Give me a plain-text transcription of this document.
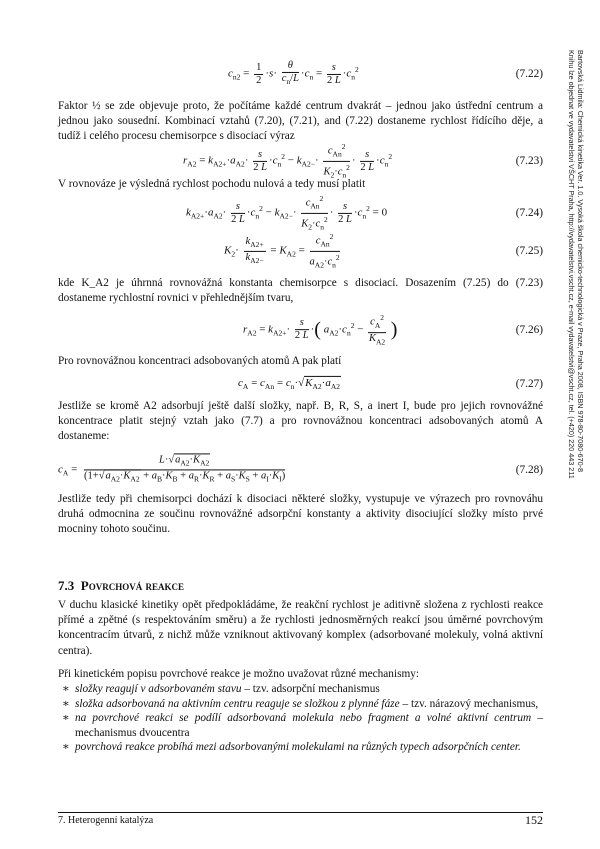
Bartovská Lidmila: Chemická kinetika Ver. 1.0. Vysoká škola chemicko-technologická v Praze, Praha 2008, ISBN 978-80-7080-670-8
Knihu lze objednat ve vydavatelství VŠCHT Praha, http://vydavatelstvi.vscht.cz, e-mail vydavatelstvi@vscht.cz, tel. (+420) 220 443 211
$c_{n2} = \frac{1}{2} \cdot s\cdot \frac{\theta}{c_n/L} \cdot c_n = \frac{s}{2 L} \cdot c_n^2$	(7.22)
Faktor ½ se zde objevuje proto, že počítáme každé centrum dvakrát – jednou jako ústřední centrum a jednou jako sousední. Kombinací vztahů (7.20), (7.21), and (7.22) dostaneme rychlost řídícího děje, a tudíž i celého procesu chemisorpce s disociací výraz
$r_{A2} = k_{A2+}\cdot a_{A2}\cdot \frac{s}{2 L} \cdot c_n^2 - k_{A2-}\cdot \frac{c_{An}^2}{K_2\cdot c_n^2} \cdot \frac{s}{2 L} \cdot c_n^2$	(7.23)
V rovnováze je výsledná rychlost pochodu nulová a tedy musí platit
$k_{A2+}\cdot a_{A2}\cdot \frac{s}{2 L} \cdot c_n^2 - k_{A2-}\cdot \frac{c_{An}^2}{K_2\cdot c_n^2} \cdot \frac{s}{2 L} \cdot c_n^2 = 0$	(7.24)
$K_2\cdot \frac{k_{A2+}}{k_{A2-}} = K_{A2} = \frac{c_{An}^2}{a_{A2}\cdot c_n^2}$	(7.25)
kde K_A2 je úhrnná rovnovážná konstanta chemisorpce s disociací. Dosazením (7.25) do (7.23) dostaneme rychlostní rovnici v přehlednějším tvaru,
$r_{A2} = k_{A2+}\cdot \frac{s}{2 L}$ ·( $a_{A2}\cdot c_n^2 - \frac{c_A^2}{K_{A2}}$ )	(7.26)
Pro rovnovážnou koncentraci adsobovaných atomů A pak platí
$c_A = c_{An} = c_n\cdot√K_{A2}\cdot a_{A2}$	(7.27)
Jestliže se kromě A2 adsorbují ještě další složky, např. B, R, S, a inert I, bude pro jejich rovnovážné koncentrace platit stejný vztah jako (7.7) a pro rovnovážnou koncentraci adsobovaných atomů A dostaneme:
$c_A = \frac{L\cdot√a_{A2}\cdot K_{A2}}{(1+√a_{A2}\cdot K_{A2} + a_B\cdot K_B + a_R\cdot K_R + a_S\cdot K_S + a_I\cdot K_I)}$	(7.28)
Jestliže tedy při chemisorpci dochází k disociaci některé složky, vystupuje ve výrazech pro rovnováhu druhá odmocnina ze součinu rovnovážné adsorpční konstanty a aktivity disociující složky místo prvé mocniny tohoto součinu.
7.3 Povrchová reakce
V duchu klasické kinetiky opět předpokládáme, že reakční rychlost je aditivně složena z rychlosti reakce přímé a zpětné (s respektováním směru) a že rychlosti jednosměrných reakcí jsou úměrné povrchovým koncentracím útvarů, z nichž může vzniknout aktivovaný komplex (adsorbované molekuly, volná aktivní centra).
Při kinetickém popisu povrchové reakce je možno uvažovat různé mechanismy:
∗ složky reagují v adsorbovaném stavu – tzv. adsorpční mechanismus
∗ složka adsorbovaná na aktivním centru reaguje se složkou z plynné fáze – tzv. nárazový mechanismus,
∗ na povrchové reakci se podílí adsorbovaná molekula nebo fragment a volné aktivní centrum – mechanismus dvoucentra
∗ povrchová reakce probíhá mezi adsorbovanými molekulami na různých typech adsorpčních center.
7. Heterogenní katalýza	152
